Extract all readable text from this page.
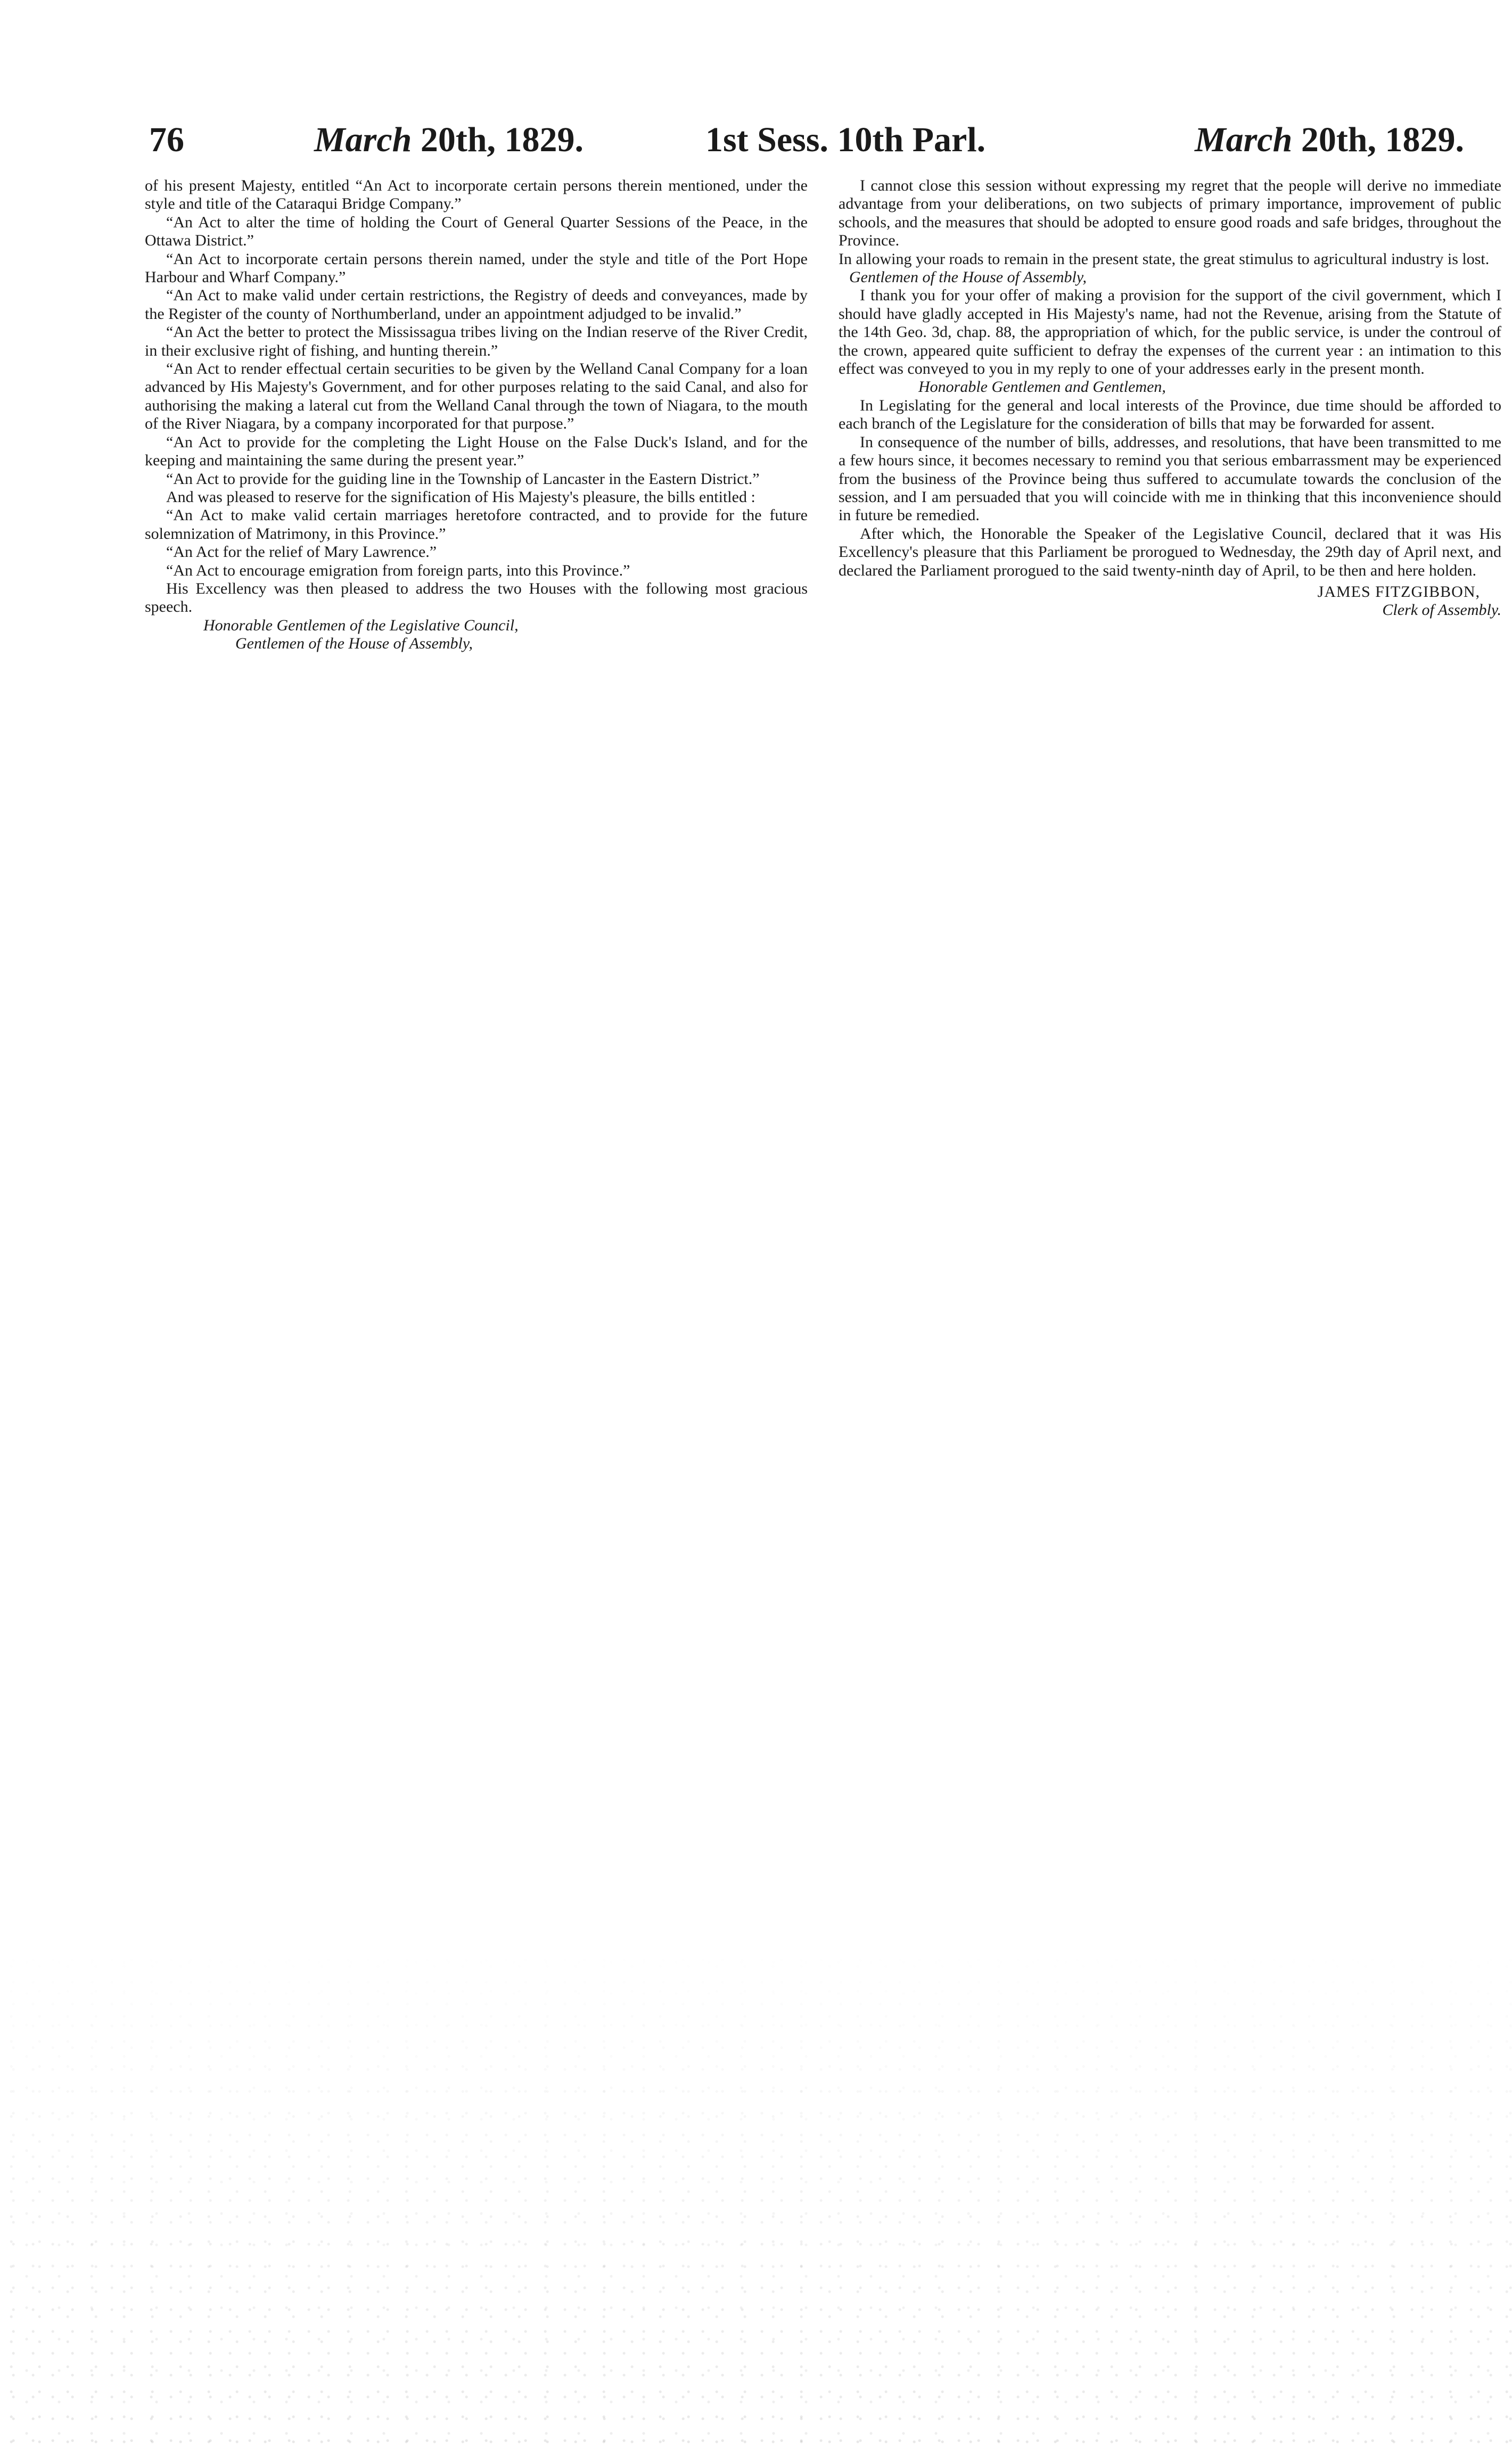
76	March 20th, 1829.	1st Sess. 10th Parl.	March 20th, 1829.

of his present Majesty, entitled “An Act to incorporate certain persons therein mentioned, under the style and title of the Cataraqui Bridge Company.”

“An Act to alter the time of holding the Court of General Quarter Sessions of the Peace, in the Ottawa District.”

“An Act to incorporate certain persons therein named, under the style and title of the Port Hope Harbour and Wharf Company.”

“An Act to make valid under certain restrictions, the Registry of deeds and conveyances, made by the Register of the county of Northumberland, under an appointment adjudged to be invalid.”

“An Act the better to protect the Mississagua tribes living on the Indian reserve of the River Credit, in their exclusive right of fishing, and hunting therein.”

“An Act to render effectual certain securities to be given by the Welland Canal Company for a loan advanced by His Majesty's Government, and for other purposes relating to the said Canal, and also for authorising the making a lateral cut from the Welland Canal through the town of Niagara, to the mouth of the River Niagara, by a company incorporated for that purpose.”

“An Act to provide for the completing the Light House on the False Duck's Island, and for the keeping and maintaining the same during the present year.”

“An Act to provide for the guiding line in the Township of Lancaster in the Eastern District.”

And was pleased to reserve for the signification of His Majesty's pleasure, the bills entitled :

“An Act to make valid certain marriages heretofore contracted, and to provide for the future solemnization of Matrimony, in this Province.”

“An Act for the relief of Mary Lawrence.”

“An Act to encourage emigration from foreign parts, into this Province.”

His Excellency was then pleased to address the two Houses with the following most gracious speech.

Honorable Gentlemen of the Legislative Council,

Gentlemen of the House of Assembly,

I cannot close this session without expressing my regret that the people will derive no immediate advantage from your deliberations, on two subjects of primary importance, improvement of public schools, and the measures that should be adopted to ensure good roads and safe bridges, throughout the Province.

In allowing your roads to remain in the present state, the great stimulus to agricultural industry is lost.

Gentlemen of the House of Assembly,

I thank you for your offer of making a provision for the support of the civil government, which I should have gladly accepted in His Majesty's name, had not the Revenue, arising from the Statute of the 14th Geo. 3d, chap. 88, the appropriation of which, for the public service, is under the controul of the crown, appeared quite sufficient to defray the expenses of the current year : an intimation to this effect was conveyed to you in my reply to one of your addresses early in the present month.

Honorable Gentlemen and Gentlemen,

In Legislating for the general and local interests of the Province, due time should be afforded to each branch of the Legislature for the consideration of bills that may be forwarded for assent.

In consequence of the number of bills, addresses, and resolutions, that have been transmitted to me a few hours since, it becomes necessary to remind you that serious embarrassment may be experienced from the business of the Province being thus suffered to accumulate towards the conclusion of the session, and I am persuaded that you will coincide with me in thinking that this inconvenience should in future be remedied.

After which, the Honorable the Speaker of the Legislative Council, declared that it was His Excellency's pleasure that this Parliament be prorogued to Wednesday, the 29th day of April next, and declared the Parliament prorogued to the said twenty-ninth day of April, to be then and here holden.

JAMES FITZGIBBON,
Clerk of Assembly.
